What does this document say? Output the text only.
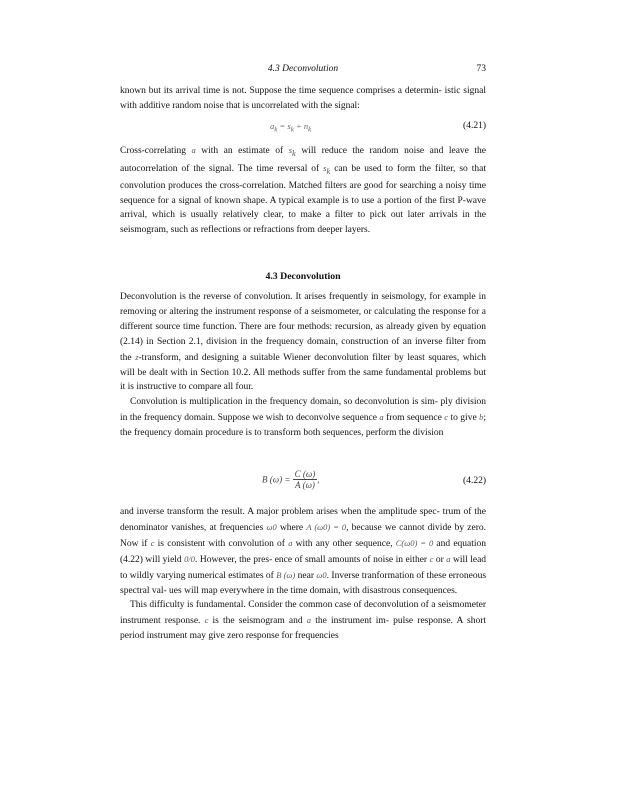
4.3 Deconvolution	73

known but its arrival time is not. Suppose the time sequence comprises a determin- istic signal with additive random noise that is uncorrelated with the signal:

$a_k = s_k + n_k$	(4.21)

Cross-correlating a with an estimate of $s_k$ will reduce the random noise and leave the autocorrelation of the signal. The time reversal of $s_k$ can be used to form the filter, so that convolution produces the cross-correlation. Matched filters are good for searching a noisy time sequence for a signal of known shape. A typical example is to use a portion of the first P-wave arrival, which is usually relatively clear, to make a filter to pick out later arrivals in the seismogram, such as reflections or refractions from deeper layers.

4.3 Deconvolution

Deconvolution is the reverse of convolution. It arises frequently in seismology, for example in removing or altering the instrument response of a seismometer, or calculating the response for a different source time function. There are four methods: recursion, as already given by equation (2.14) in Section 2.1, division in the frequency domain, construction of an inverse filter from the z-transform, and designing a suitable Wiener deconvolution filter by least squares, which will be dealt with in Section 10.2. All methods suffer from the same fundamental problems but it is instructive to compare all four.

Convolution is multiplication in the frequency domain, so deconvolution is sim- ply division in the frequency domain. Suppose we wish to deconvolve sequence a from sequence c to give b; the frequency domain procedure is to transform both sequences, perform the division

B $(\omega) = \frac{C (\omega)}{A (\omega)}$ ,	(4.22)

and inverse transform the result. A major problem arises when the amplitude spec- trum of the denominator vanishes, at frequencies ω0 where A (ω0) = 0, because we cannot divide by zero. Now if c is consistent with convolution of a with any other sequence, C(ω0) = 0 and equation (4.22) will yield 0/0. However, the pres- ence of small amounts of noise in either c or a will lead to wildly varying numerical estimates of B (ω) near ω0. Inverse tranformation of these erroneous spectral val- ues will map everywhere in the time domain, with disastrous consequences.

This difficulty is fundamental. Consider the common case of deconvolution of a seismometer instrument response. c is the seismogram and a the instrument im- pulse response. A short period instrument may give zero response for frequencies
